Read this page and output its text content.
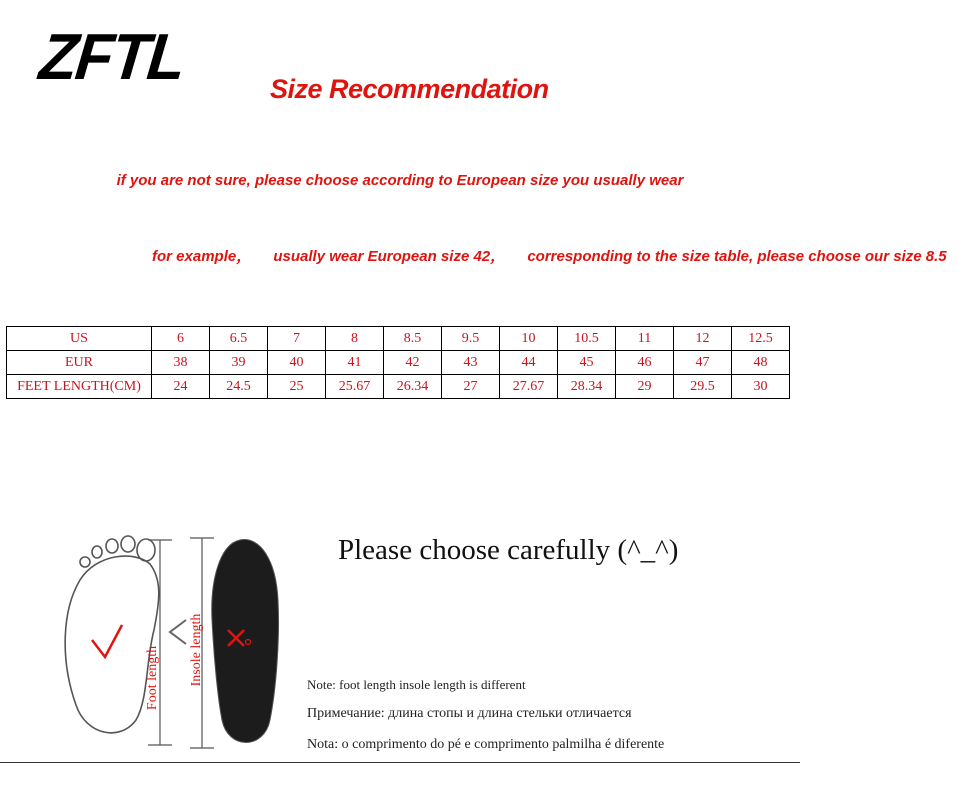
ZFTL	Size Recommendation
if you are not sure, please choose according to European size you usually wear
for example， usually wear European size 42， corresponding to the size table, please choose our size 8.5
US	6	6.5	7	8	8.5	9.5	10	10.5	11	12	12.5
EUR	38	39	40	41	42	43	44	45	46	47	48
FEET LENGTH(CM)	24	24.5	25	25.67	26.34	27	27.67	28.34	29	29.5	30
Foot length Insole length
Please choose carefully (^_^)
Note: foot length insole length is different
Примечание: длина стопы и длина стельки отличается
Nota: o comprimento do pé e comprimento palmilha é diferente
